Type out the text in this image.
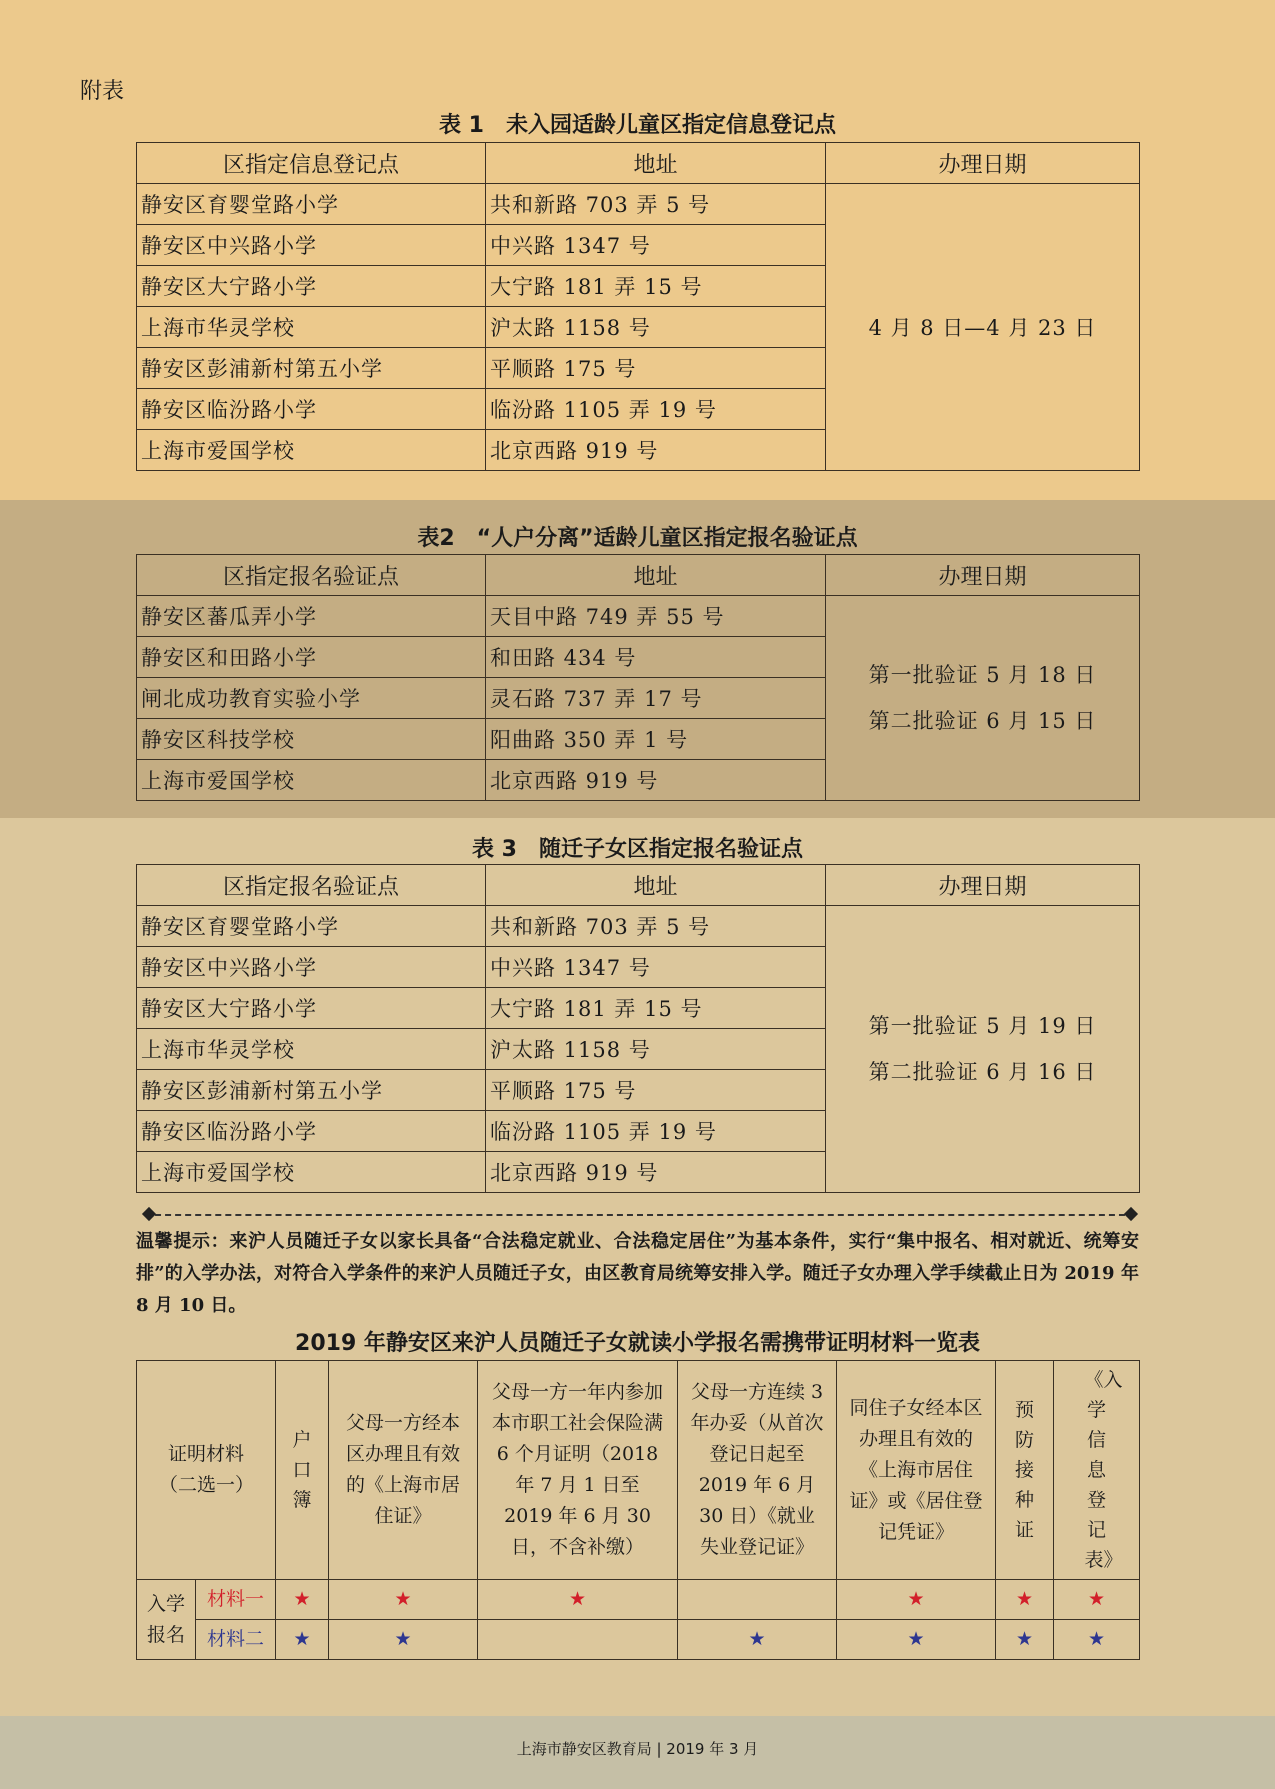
附表
表 1　未入园适龄儿童区指定信息登记点
区指定信息登记点	地址	办理日期
静安区育婴堂路小学	共和新路 703 弄 5 号	4 月 8 日—4 月 23 日
静安区中兴路小学	中兴路 1347 号	
静安区大宁路小学	大宁路 181 弄 15 号	
上海市华灵学校	沪太路 1158 号	
静安区彭浦新村第五小学	平顺路 175 号	
静安区临汾路小学	临汾路 1105 弄 19 号	
上海市爱国学校	北京西路 919 号	
表2　“人户分离”适龄儿童区指定报名验证点
区指定报名验证点	地址	办理日期
静安区蕃瓜弄小学	天目中路 749 弄 55 号	第一批验证 5 月 18 日
第二批验证 6 月 15 日

静安区和田路小学	和田路 434 号	
闸北成功教育实验小学	灵石路 737 弄 17 号	
静安区科技学校	阳曲路 350 弄 1 号	
上海市爱国学校	北京西路 919 号	
表 3　随迁子女区指定报名验证点
区指定报名验证点	地址	办理日期
静安区育婴堂路小学	共和新路 703 弄 5 号	第一批验证 5 月 19 日
第二批验证 6 月 16 日

静安区中兴路小学	中兴路 1347 号	
静安区大宁路小学	大宁路 181 弄 15 号	
上海市华灵学校	沪太路 1158 号	
静安区彭浦新村第五小学	平顺路 175 号	
静安区临汾路小学	临汾路 1105 弄 19 号	
上海市爱国学校	北京西路 919 号	
温馨提示：来沪人员随迁子女以家长具备“合法稳定就业、合法稳定居住”为基本条件，实行“集中报名、相对就近、统筹安排”的入学办法，对符合入学条件的来沪人员随迁子女，由区教育局统筹安排入学。随迁子女办理入学手续截止日为 2019 年 8 月 10 日。
2019 年静安区来沪人员随迁子女就读小学报名需携带证明材料一览表
证明材料（二选一）		户口簿	父母一方经本区办理且有效的《上海市居住证》	父母一方一年内参加本市职工社会保险满 6 个月证明（2018 年 7 月 1 日至 2019 年 6 月 30 日，不含补缴）	父母一方连续 3 年办妥（从首次登记日起至 2019 年 6 月 30 日）《就业失业登记证》	同住子女经本区办理且有效的《上海市居住证》或《居住登记凭证》	预防接种证	《入学信息登记表》
入学报名	材料一	★	★	★		★	★	★
	材料二	★	★		★	★	★	★
上海市静安区教育局 | 2019 年 3 月
